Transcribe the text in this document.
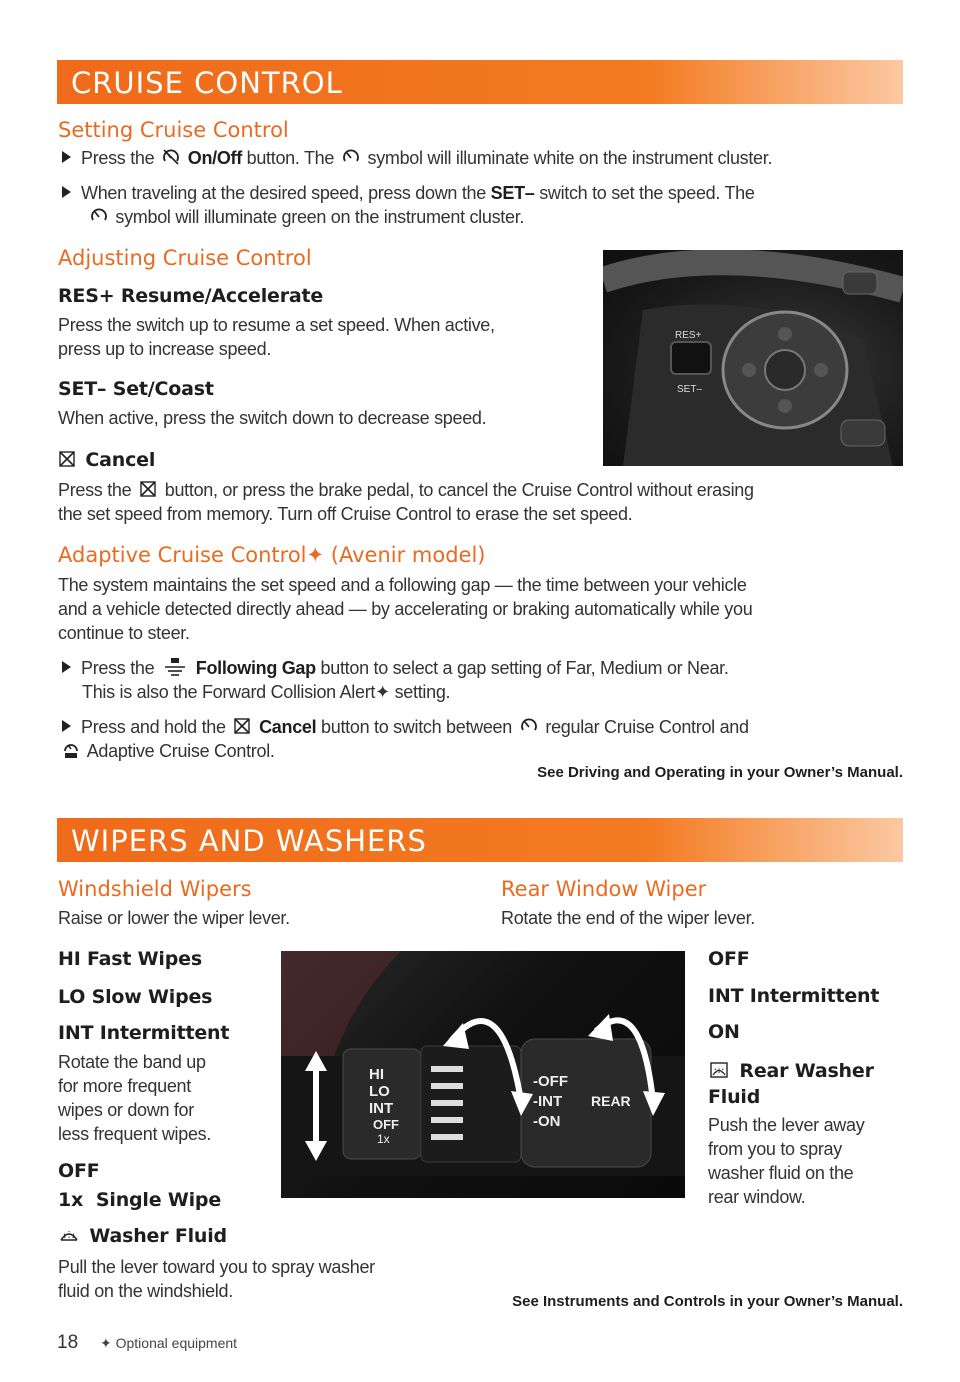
CRUISE CONTROL
Setting Cruise Control
Press the On/Off button. The symbol will illuminate white on the instrument cluster.
When traveling at the desired speed, press down the SET– switch to set the speed. The
symbol will illuminate green on the instrument cluster.
Adjusting Cruise Control
RES+ Resume/Accelerate
Press the switch up to resume a set speed. When active,
press up to increase speed.
SET– Set/Coast
When active, press the switch down to decrease speed.
Cancel
Press the button, or press the brake pedal, to cancel the Cruise Control without erasing
the set speed from memory. Turn off Cruise Control to erase the set speed.
RES+
SET–
Adaptive Cruise Control✦ (Avenir model)
The system maintains the set speed and a following gap — the time between your vehicle
and a vehicle detected directly ahead — by accelerating or braking automatically while you
continue to steer.
Press the Following Gap button to select a gap setting of Far, Medium or Near.
This is also the Forward Collision Alert✦ setting.
Press and hold the Cancel button to switch between regular Cruise Control and
Adaptive Cruise Control.
See Driving and Operating in your Owner’s Manual.
WIPERS AND WASHERS
Windshield Wipers
Raise or lower the wiper lever.
Rear Window Wiper
Rotate the end of the wiper lever.
HI Fast Wipes
LO Slow Wipes
INT Intermittent
Rotate the band up
for more frequent
wipes or down for
less frequent wipes.
OFF
1x  Single Wipe
Washer Fluid
Pull the lever toward you to spray washer
fluid on the windshield.
HI
LO
INT
OFF
1x
-OFF
-INT
-ON
REAR
OFF
INT Intermittent
ON
Rear Washer
Fluid
Push the lever away
from you to spray
washer fluid on the
rear window.
See Instruments and Controls in your Owner’s Manual.
18 ✦ Optional equipment
